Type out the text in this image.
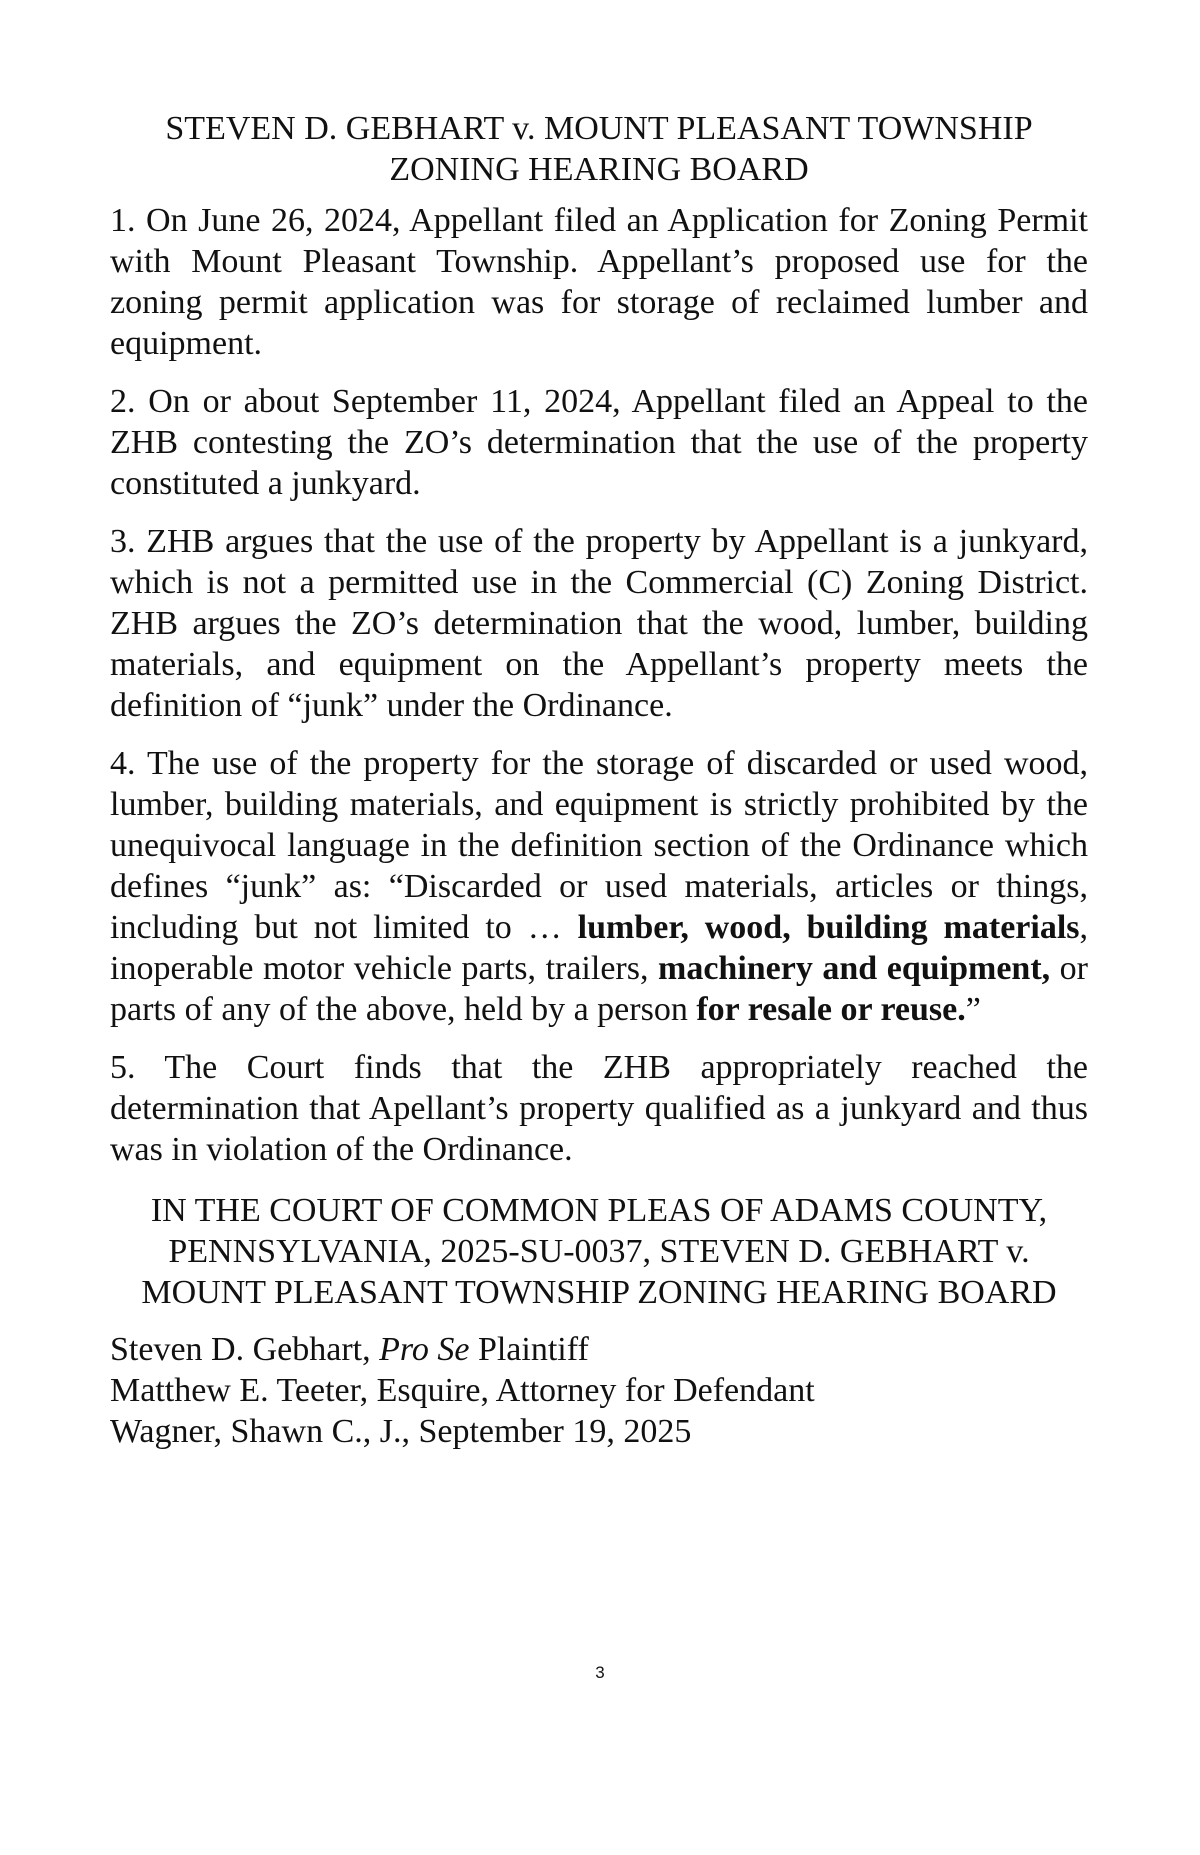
STEVEN D. GEBHART v. MOUNT PLEASANT TOWNSHIP
ZONING HEARING BOARD

1. On June 26, 2024, Appellant filed an Application for Zoning Permit with Mount Pleasant Township. Appellant’s proposed use for the zoning permit application was for storage of reclaimed lumber and equipment.

2. On or about September 11, 2024, Appellant filed an Appeal to the ZHB contesting the ZO’s determination that the use of the property constituted a junkyard.

3. ZHB argues that the use of the property by Appellant is a junkyard, which is not a permitted use in the Commercial (C) Zoning District. ZHB argues the ZO’s determination that the wood, lumber, building materials, and equipment on the Appellant’s property meets the definition of “junk” under the Ordinance.

4. The use of the property for the storage of discarded or used wood, lumber, building materials, and equipment is strictly prohibited by the unequivocal language in the definition section of the Ordinance which defines “junk” as: “Discarded or used materials, articles or things, including but not limited to … lumber, wood, building materials, inoperable motor vehicle parts, trailers, machinery and equipment, or parts of any of the above, held by a person for resale or reuse.”

5. The Court finds that the ZHB appropriately reached the determination that Apellant’s property qualified as a junkyard and thus was in violation of the Ordinance.

IN THE COURT OF COMMON PLEAS OF ADAMS COUNTY,
PENNSYLVANIA, 2025-SU-0037, STEVEN D. GEBHART v.
MOUNT PLEASANT TOWNSHIP ZONING HEARING BOARD
Steven D. Gebhart, Pro Se Plaintiff
Matthew E. Teeter, Esquire, Attorney for Defendant
Wagner, Shawn C., J., September 19, 2025
3
